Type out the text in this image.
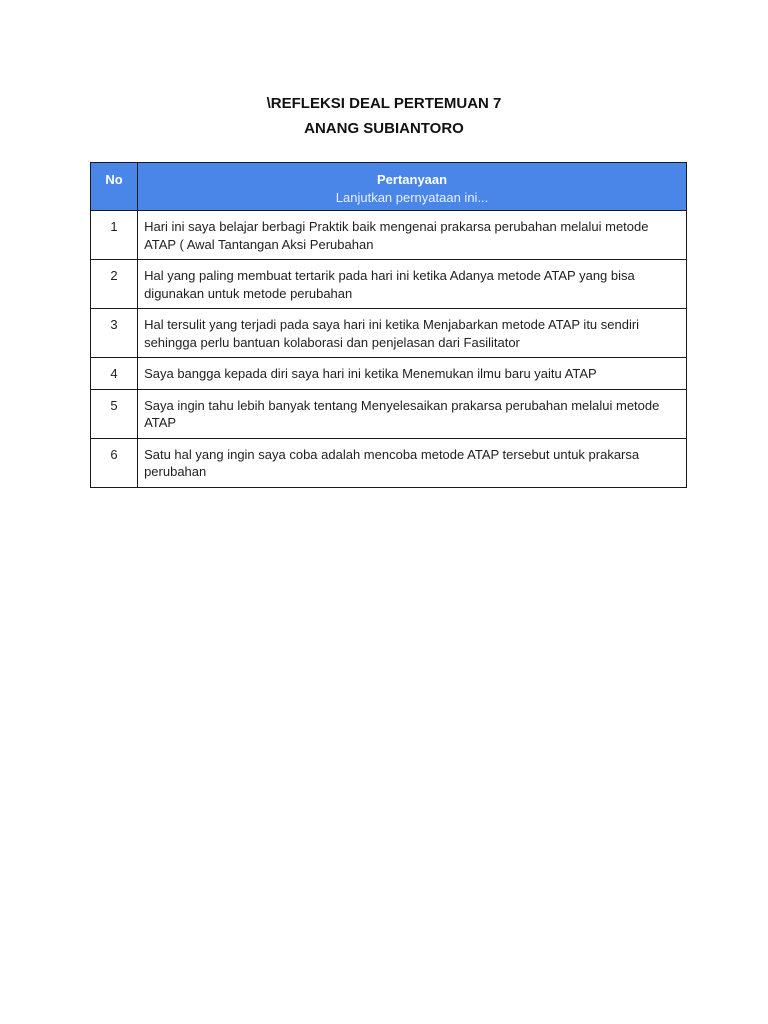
\REFLEKSI DEAL PERTEMUAN 7
ANANG SUBIANTORO
No	Pertanyaan
Lanjutkan pernyataan ini...

1	Hari ini saya belajar berbagi Praktik baik mengenai prakarsa perubahan melalui metode ATAP ( Awal Tantangan Aksi Perubahan
2	Hal yang paling membuat tertarik pada hari ini ketika Adanya metode ATAP yang bisa digunakan untuk metode perubahan
3	Hal tersulit yang terjadi pada saya hari ini ketika Menjabarkan metode ATAP itu sendiri sehingga perlu bantuan kolaborasi dan penjelasan dari Fasilitator
4	Saya bangga kepada diri saya hari ini ketika Menemukan ilmu baru yaitu ATAP
5	Saya ingin tahu lebih banyak tentang Menyelesaikan prakarsa perubahan melalui metode ATAP
6	Satu hal yang ingin saya coba adalah mencoba metode ATAP tersebut untuk prakarsa perubahan
